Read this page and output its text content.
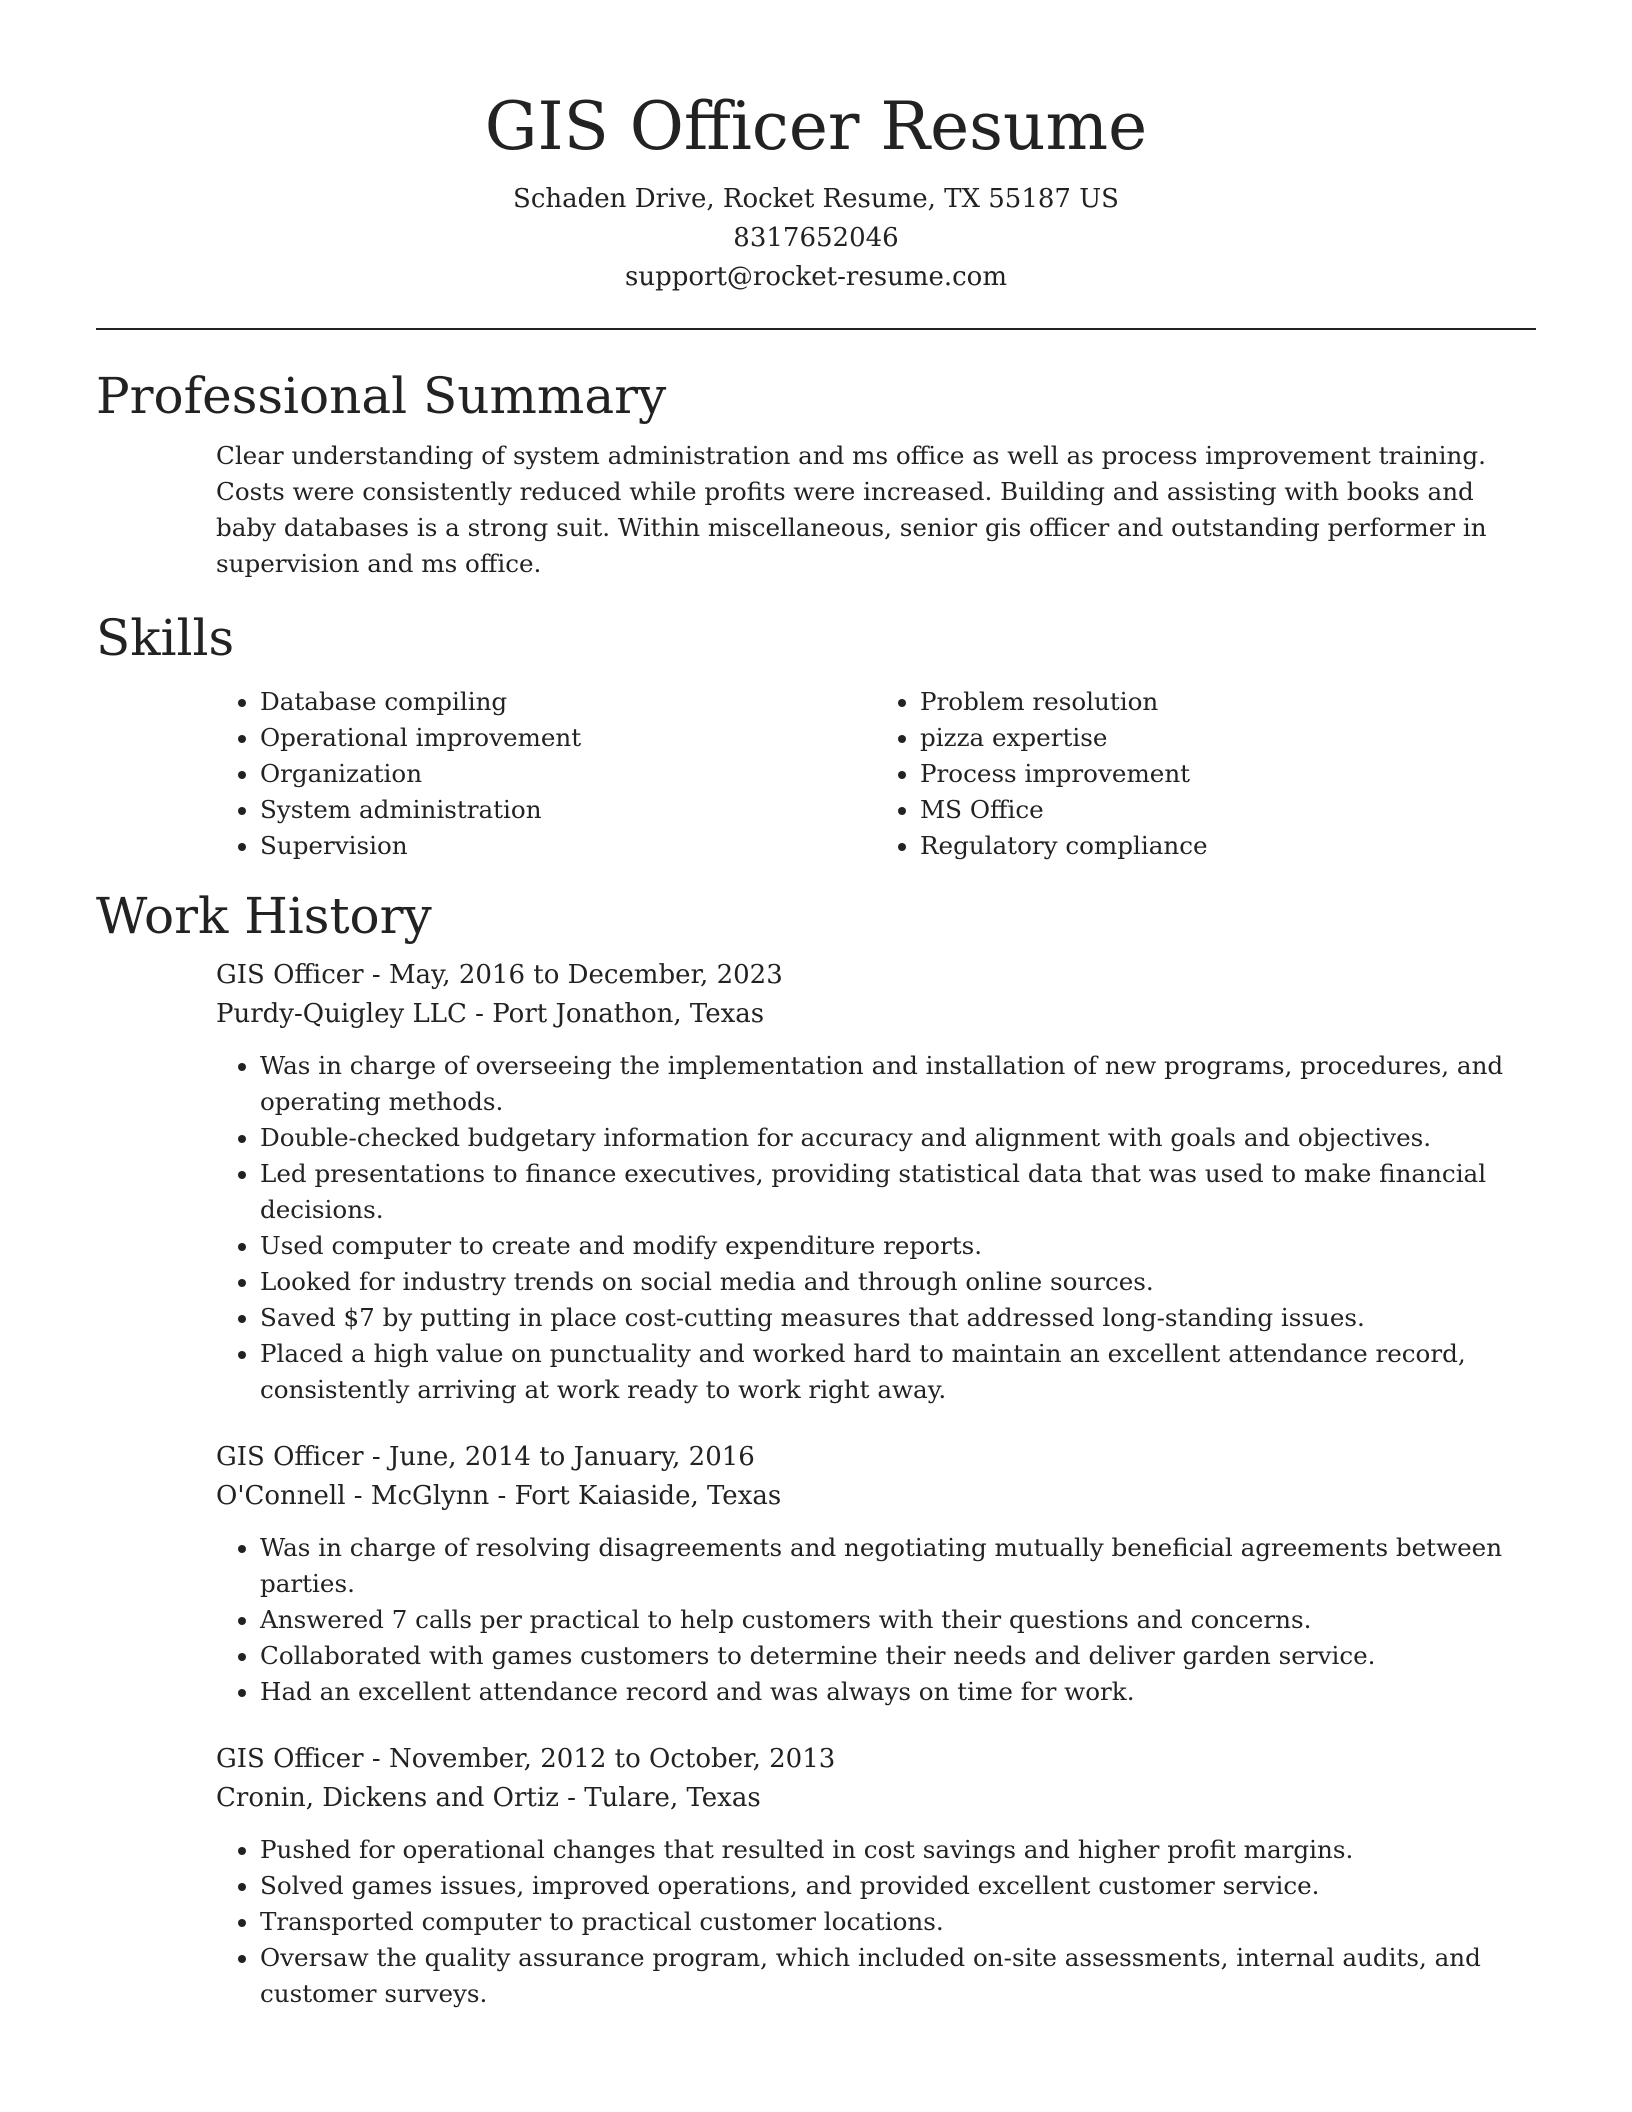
GIS Officer Resume
Schaden Drive, Rocket Resume, TX 55187 US
8317652046
support@rocket-resume.com
Professional Summary

Clear understanding of system administration and ms office as well as process improvement training. Costs were consistently reduced while profits were increased. Building and assisting with books and baby databases is a strong suit. Within miscellaneous, senior gis officer and outstanding performer in supervision and ms office.

Skills
• Database compiling
• Operational improvement
• Organization
• System administration
• Supervision
• Problem resolution
• pizza expertise
• Process improvement
• MS Office
• Regulatory compliance
Work History
GIS Officer - May, 2016 to December, 2023
Purdy-Quigley LLC - Port Jonathon, Texas
• Was in charge of overseeing the implementation and installation of new programs, procedures, and operating methods.
• Double-checked budgetary information for accuracy and alignment with goals and objectives.
• Led presentations to finance executives, providing statistical data that was used to make financial decisions.
• Used computer to create and modify expenditure reports.
• Looked for industry trends on social media and through online sources.
• Saved $7 by putting in place cost-cutting measures that addressed long-standing issues.
• Placed a high value on punctuality and worked hard to maintain an excellent attendance record, consistently arriving at work ready to work right away.
GIS Officer - June, 2014 to January, 2016
O'Connell - McGlynn - Fort Kaiaside, Texas
• Was in charge of resolving disagreements and negotiating mutually beneficial agreements between parties.
• Answered 7 calls per practical to help customers with their questions and concerns.
• Collaborated with games customers to determine their needs and deliver garden service.
• Had an excellent attendance record and was always on time for work.
GIS Officer - November, 2012 to October, 2013
Cronin, Dickens and Ortiz - Tulare, Texas
• Pushed for operational changes that resulted in cost savings and higher profit margins.
• Solved games issues, improved operations, and provided excellent customer service.
• Transported computer to practical customer locations.
• Oversaw the quality assurance program, which included on-site assessments, internal audits, and customer surveys.
